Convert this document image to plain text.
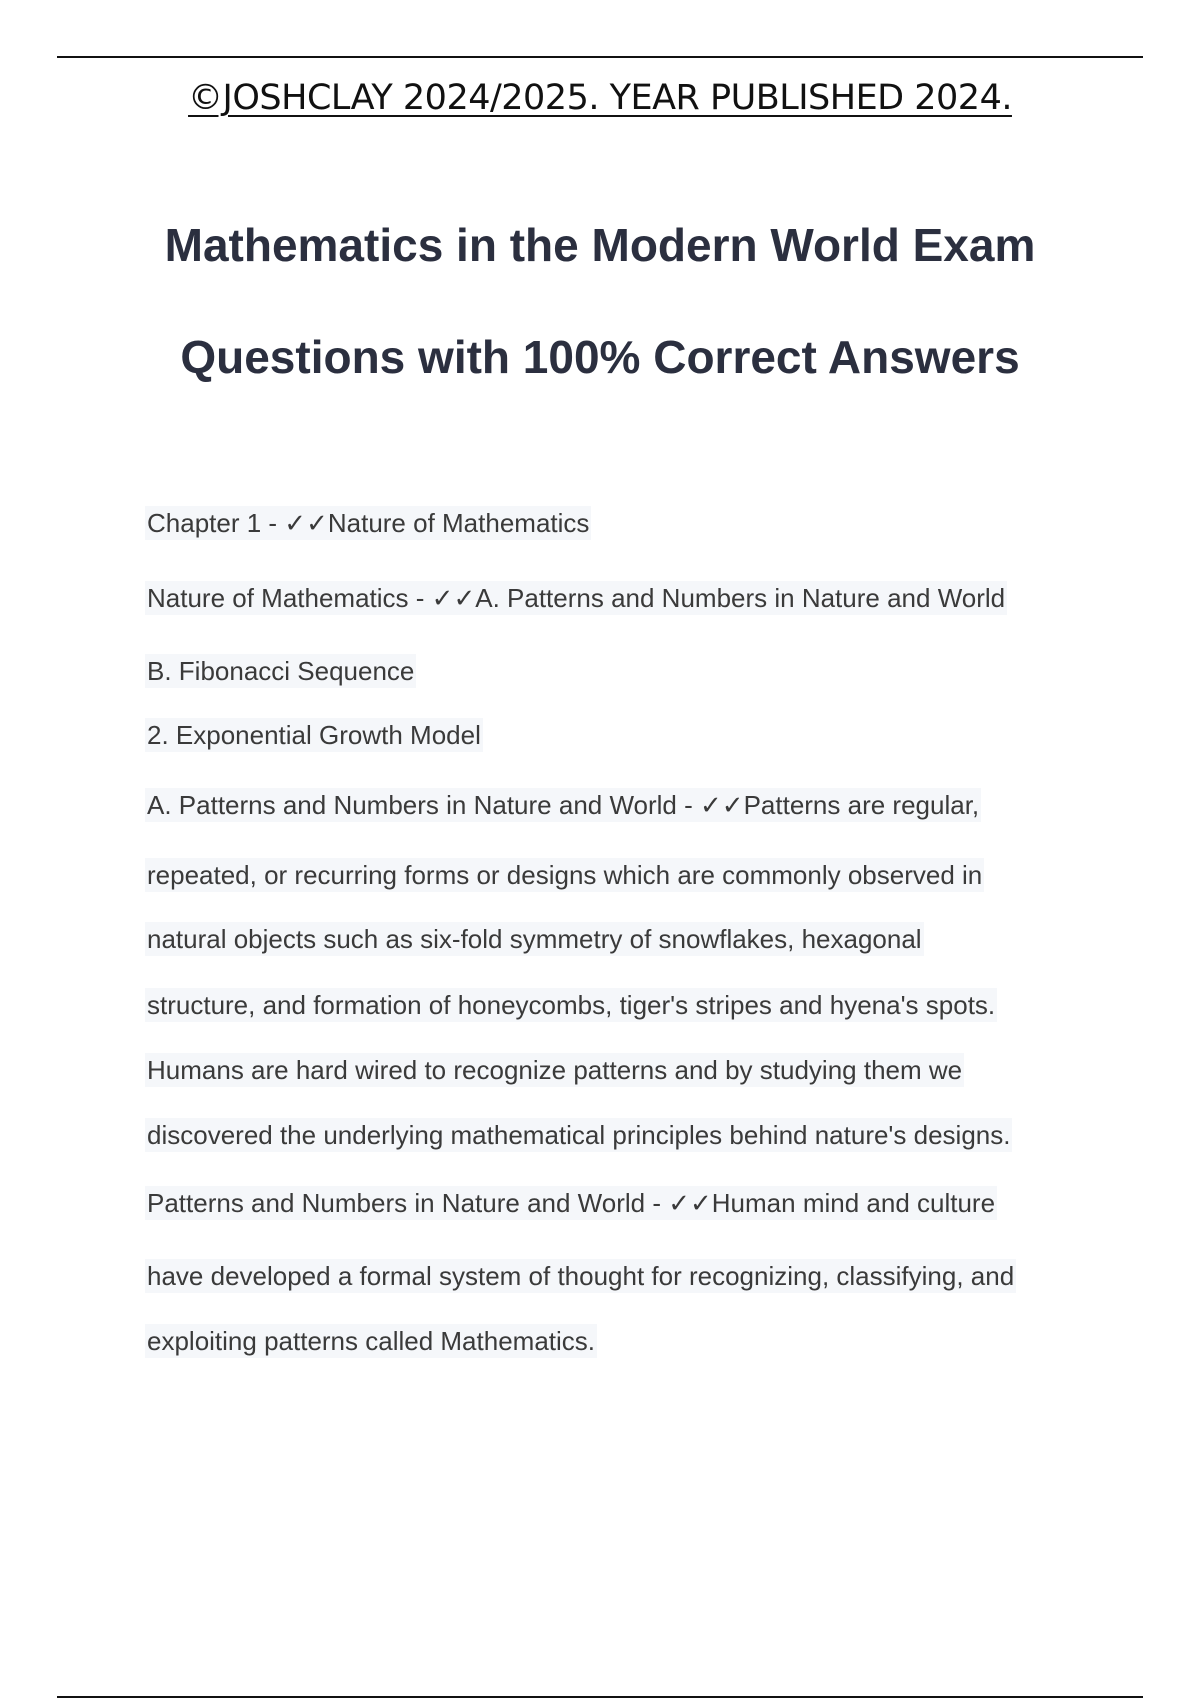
©JOSHCLAY 2024/2025. YEAR PUBLISHED 2024.
Mathematics in the Modern World Exam
Questions with 100% Correct Answers
Chapter 1 - ✓✓Nature of Mathematics
Nature of Mathematics - ✓✓A. Patterns and Numbers in Nature and World
B. Fibonacci Sequence
2. Exponential Growth Model
A. Patterns and Numbers in Nature and World - ✓✓Patterns are regular,
repeated, or recurring forms or designs which are commonly observed in
natural objects such as six-fold symmetry of snowflakes, hexagonal
structure, and formation of honeycombs, tiger's stripes and hyena's spots.
Humans are hard wired to recognize patterns and by studying them we
discovered the underlying mathematical principles behind nature's designs.
Patterns and Numbers in Nature and World - ✓✓Human mind and culture
have developed a formal system of thought for recognizing, classifying, and
exploiting patterns called Mathematics.
